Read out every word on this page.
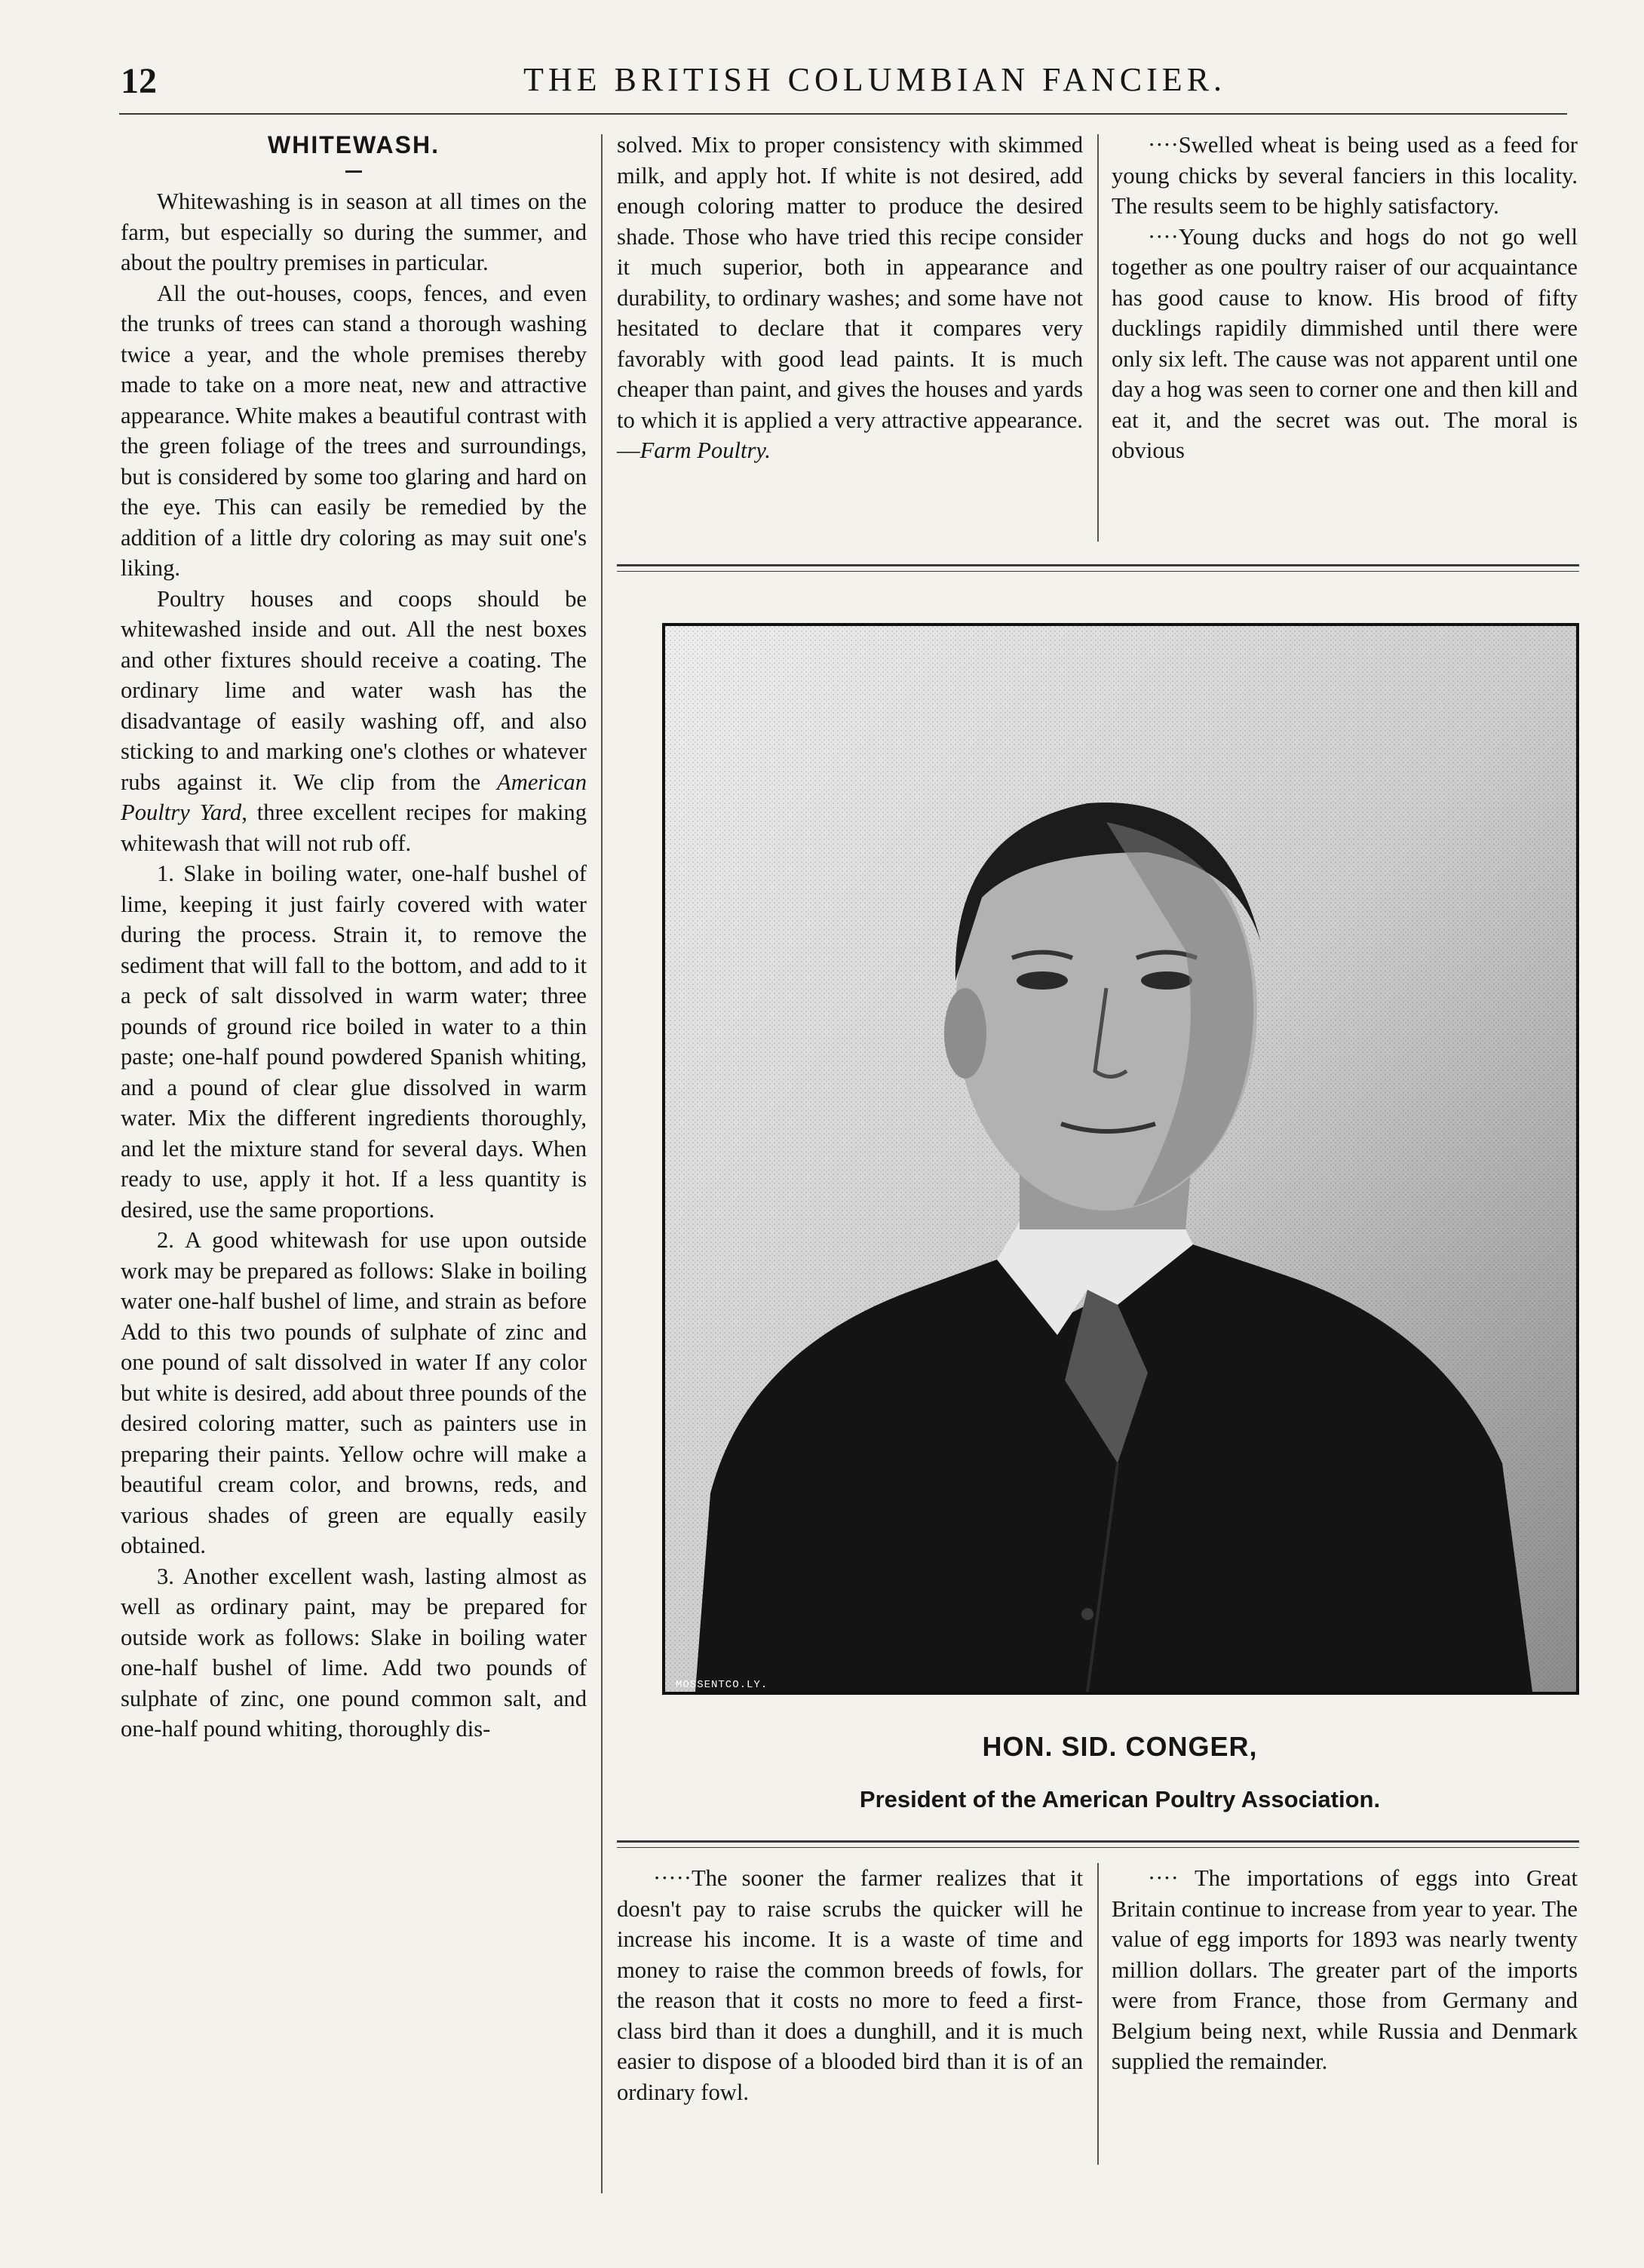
12	THE BRITISH COLUMBIAN FANCIER.
WHITEWASH.

Whitewashing is in season at all times on the farm, but especially so during the summer, and about the poultry premises in particular.

All the out-houses, coops, fences, and even the trunks of trees can stand a thorough washing twice a year, and the whole premises thereby made to take on a more neat, new and attractive appearance. White makes a beautiful contrast with the green foliage of the trees and surroundings, but is considered by some too glaring and hard on the eye. This can easily be remedied by the addition of a little dry coloring as may suit one's liking.

Poultry houses and coops should be whitewashed inside and out. All the nest boxes and other fixtures should receive a coating. The ordinary lime and water wash has the disadvantage of easily washing off, and also sticking to and marking one's clothes or whatever rubs against it. We clip from the American Poultry Yard, three excellent recipes for making whitewash that will not rub off.

1. Slake in boiling water, one-half bushel of lime, keeping it just fairly covered with water during the process. Strain it, to remove the sediment that will fall to the bottom, and add to it a peck of salt dissolved in warm water; three pounds of ground rice boiled in water to a thin paste; one-half pound powdered Spanish whiting, and a pound of clear glue dissolved in warm water. Mix the different ingredients thoroughly, and let the mixture stand for several days. When ready to use, apply it hot. If a less quantity is desired, use the same proportions.

2. A good whitewash for use upon outside work may be prepared as follows: Slake in boiling water one-half bushel of lime, and strain as before Add to this two pounds of sulphate of zinc and one pound of salt dissolved in water If any color but white is desired, add about three pounds of the desired coloring matter, such as painters use in preparing their paints. Yellow ochre will make a beautiful cream color, and browns, reds, and various shades of green are equally easily obtained.

3. Another excellent wash, lasting almost as well as ordinary paint, may be prepared for outside work as follows: Slake in boiling water one-half bushel of lime. Add two pounds of sulphate of zinc, one pound common salt, and one-half pound whiting, thoroughly dis-

solved. Mix to proper consistency with skimmed milk, and apply hot. If white is not desired, add enough coloring matter to produce the desired shade. Those who have tried this recipe consider it much superior, both in appearance and durability, to ordinary washes; and some have not hesitated to declare that it compares very favorably with good lead paints. It is much cheaper than paint, and gives the houses and yards to which it is applied a very attractive appearance.—Farm Poultry.

····Swelled wheat is being used as a feed for young chicks by several fanciers in this locality. The results seem to be highly satisfactory.

····Young ducks and hogs do not go well together as one poultry raiser of our acquaintance has good cause to know. His brood of fifty ducklings rapidily dimmished until there were only six left. The cause was not apparent until one day a hog was seen to corner one and then kill and eat it, and the secret was out. The moral is obvious

MOSSENTCO.LY.
HON. SID. CONGER,
President of the American Poultry Association.

·····The sooner the farmer realizes that it doesn't pay to raise scrubs the quicker will he increase his income. It is a waste of time and money to raise the common breeds of fowls, for the reason that it costs no more to feed a first-class bird than it does a dunghill, and it is much easier to dispose of a blooded bird than it is of an ordinary fowl.

···· The importations of eggs into Great Britain continue to increase from year to year. The value of egg imports for 1893 was nearly twenty million dollars. The greater part of the imports were from France, those from Germany and Belgium being next, while Russia and Denmark supplied the remainder.
